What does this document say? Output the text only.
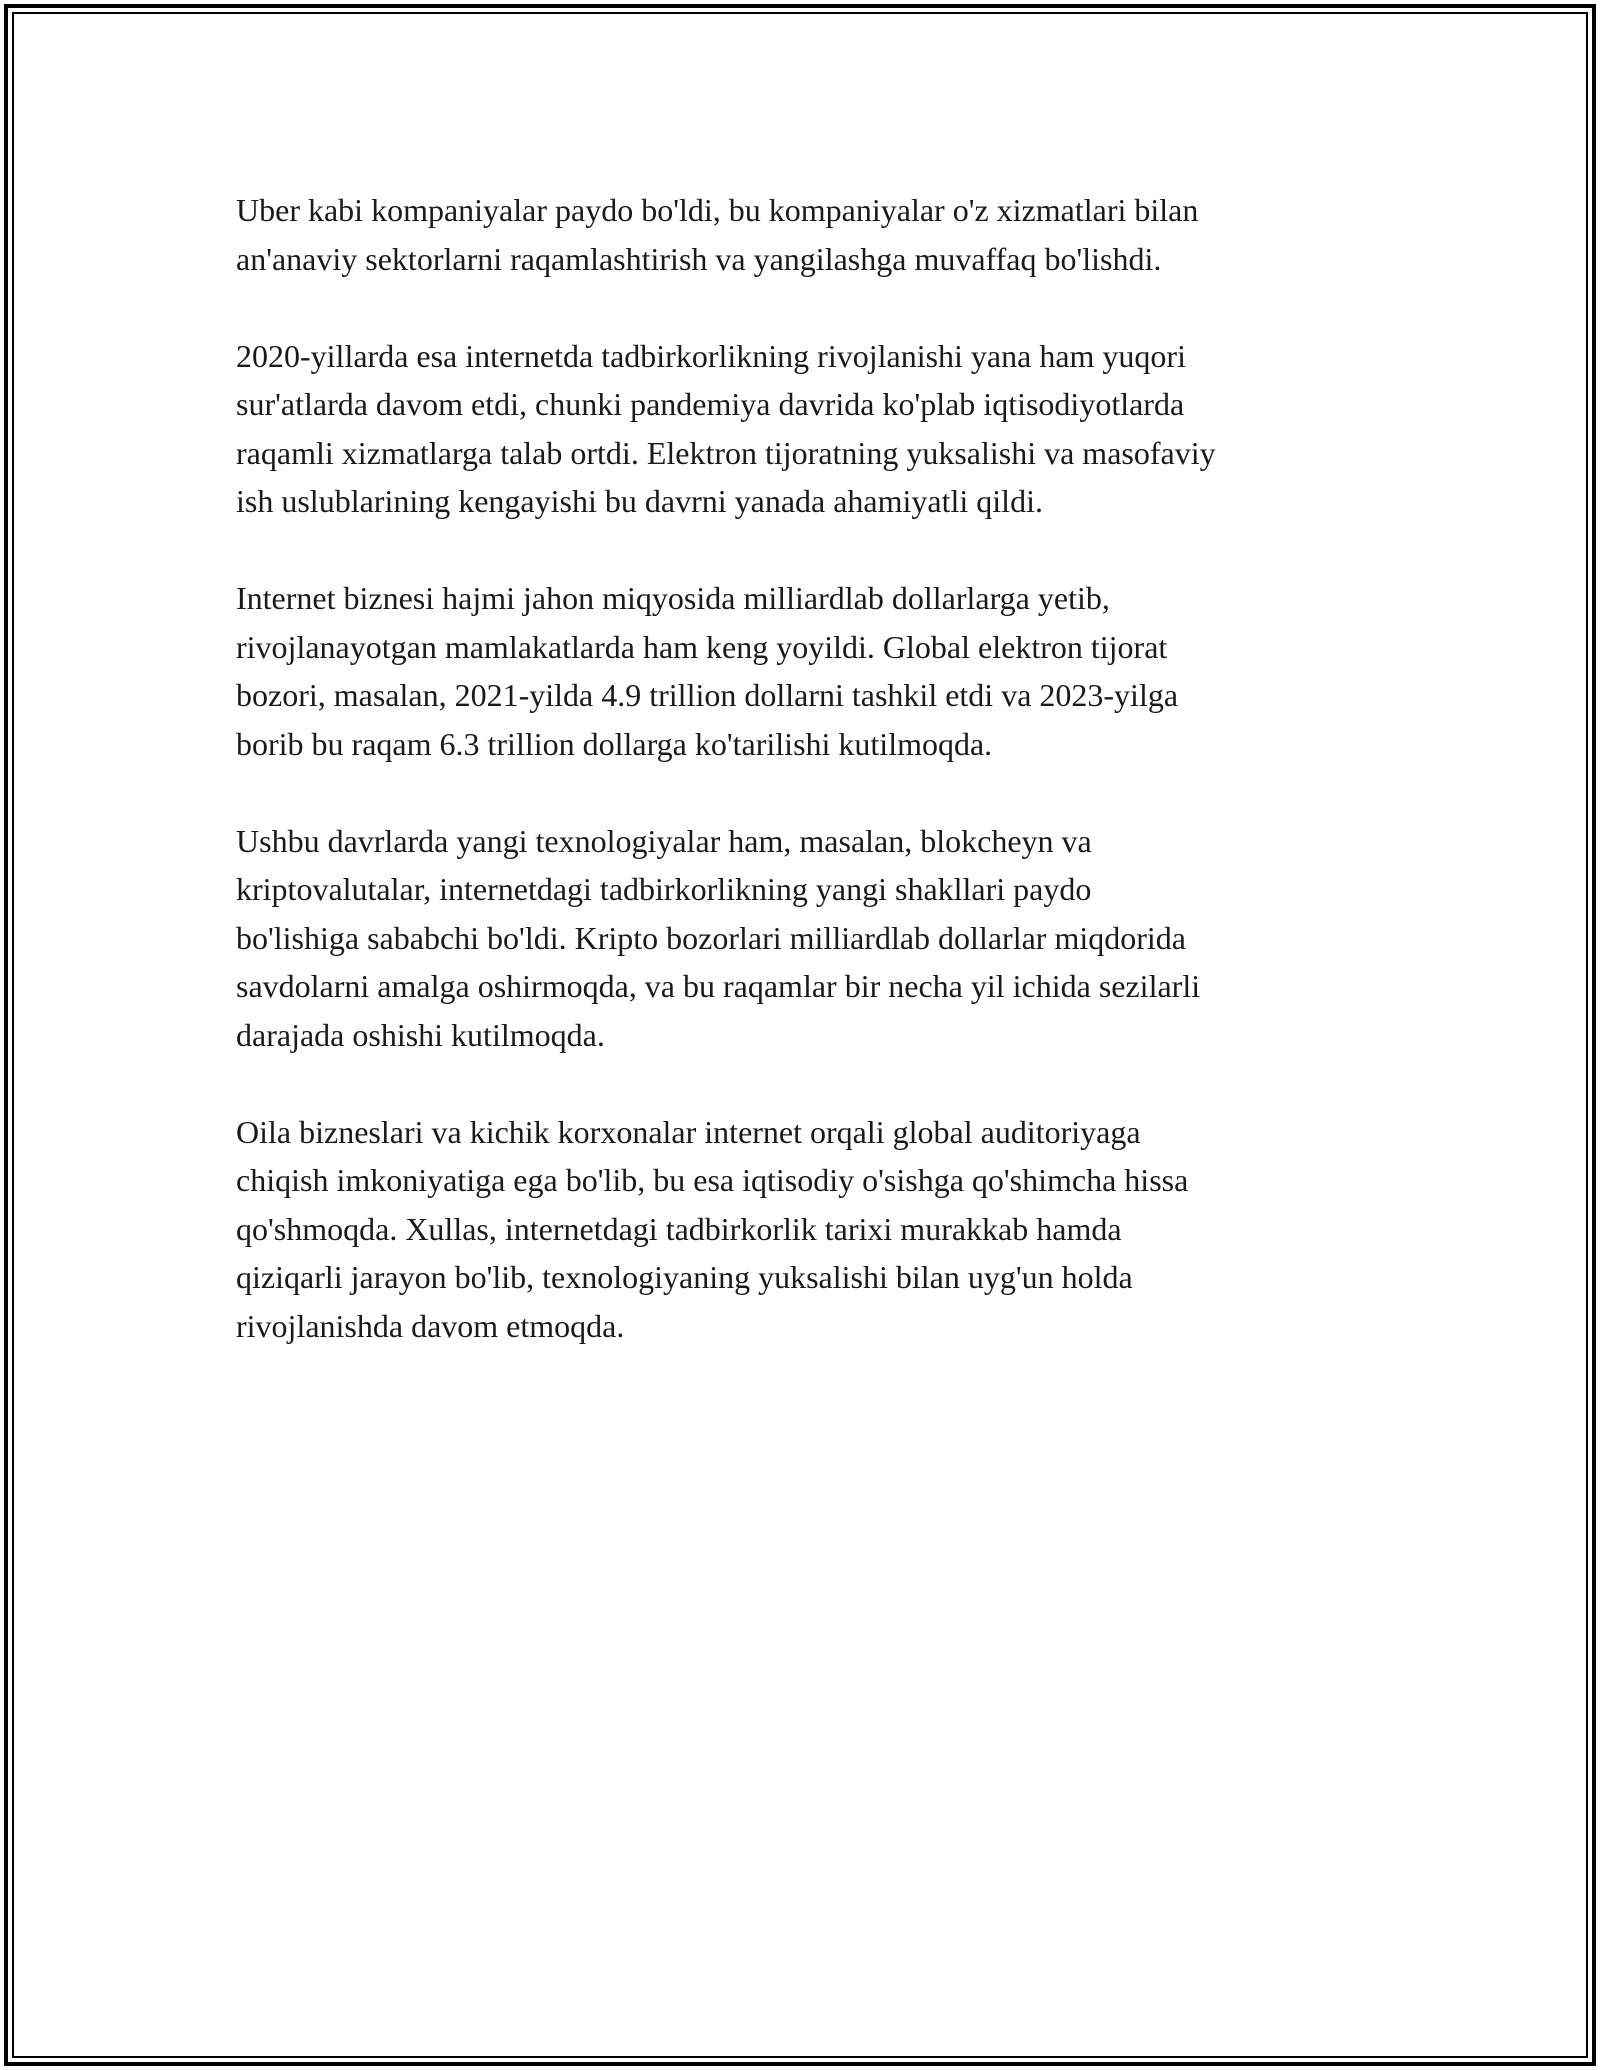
Uber kabi kompaniyalar paydo bo'ldi, bu kompaniyalar o'z xizmatlari bilan
an'anaviy sektorlarni raqamlashtirish va yangilashga muvaffaq bo'lishdi.

2020-yillarda esa internetda tadbirkorlikning rivojlanishi yana ham yuqori
sur'atlarda davom etdi, chunki pandemiya davrida ko'plab iqtisodiyotlarda
raqamli xizmatlarga talab ortdi. Elektron tijoratning yuksalishi va masofaviy
ish uslublarining kengayishi bu davrni yanada ahamiyatli qildi.

Internet biznesi hajmi jahon miqyosida milliardlab dollarlarga yetib,
rivojlanayotgan mamlakatlarda ham keng yoyildi. Global elektron tijorat
bozori, masalan, 2021-yilda 4.9 trillion dollarni tashkil etdi va 2023-yilga
borib bu raqam 6.3 trillion dollarga ko'tarilishi kutilmoqda.

Ushbu davrlarda yangi texnologiyalar ham, masalan, blokcheyn va
kriptovalutalar, internetdagi tadbirkorlikning yangi shakllari paydo
bo'lishiga sababchi bo'ldi. Kripto bozorlari milliardlab dollarlar miqdorida
savdolarni amalga oshirmoqda, va bu raqamlar bir necha yil ichida sezilarli
darajada oshishi kutilmoqda.

Oila bizneslari va kichik korxonalar internet orqali global auditoriyaga
chiqish imkoniyatiga ega bo'lib, bu esa iqtisodiy o'sishga qo'shimcha hissa
qo'shmoqda. Xullas, internetdagi tadbirkorlik tarixi murakkab hamda
qiziqarli jarayon bo'lib, texnologiyaning yuksalishi bilan uyg'un holda
rivojlanishda davom etmoqda.
